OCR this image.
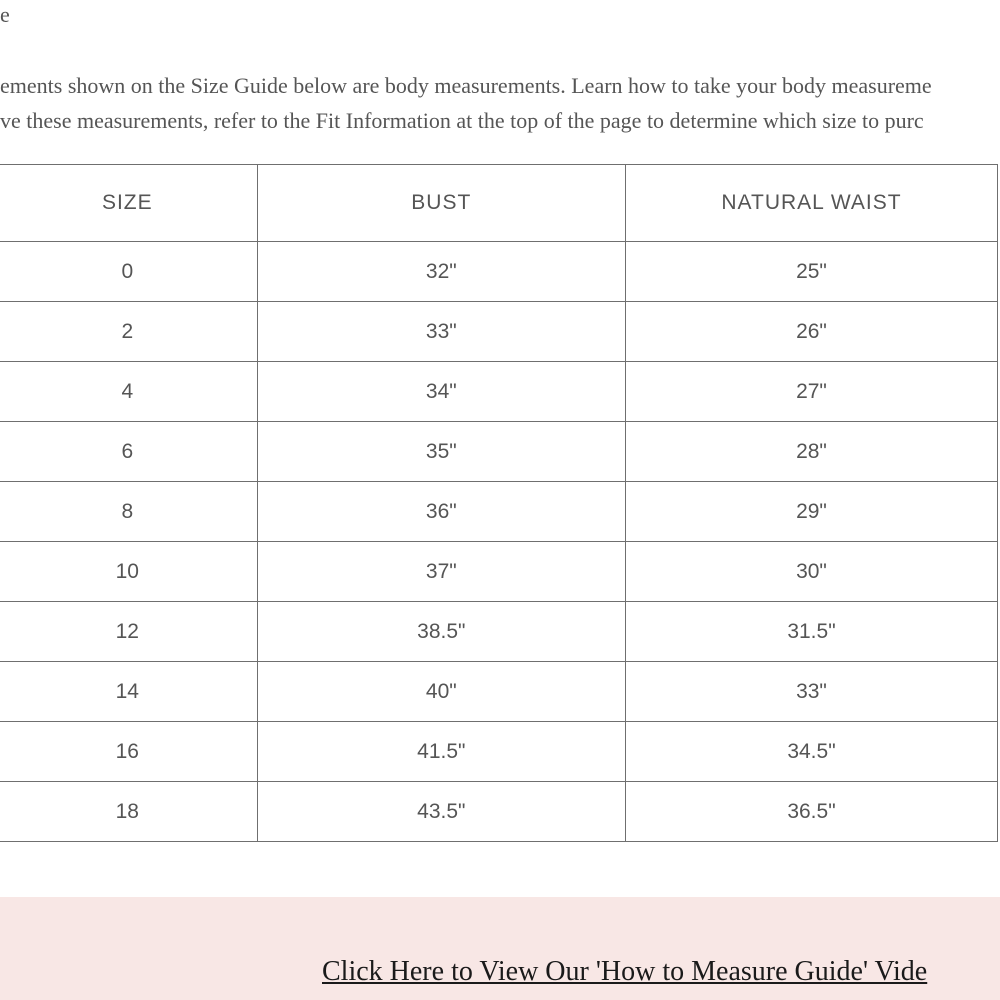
e
ements shown on the Size Guide below are body measurements. Learn how to take your body measureme
ve these measurements, refer to the Fit Information at the top of the page to determine which size to purc
SIZE	BUST	NATURAL WAIST
0	32"	25"
2	33"	26"
4	34"	27"
6	35"	28"
8	36"	29"
10	37"	30"
12	38.5"	31.5"
14	40"	33"
16	41.5"	34.5"
18	43.5"	36.5"
Click Here to View Our 'How to Measure Guide' Vide
